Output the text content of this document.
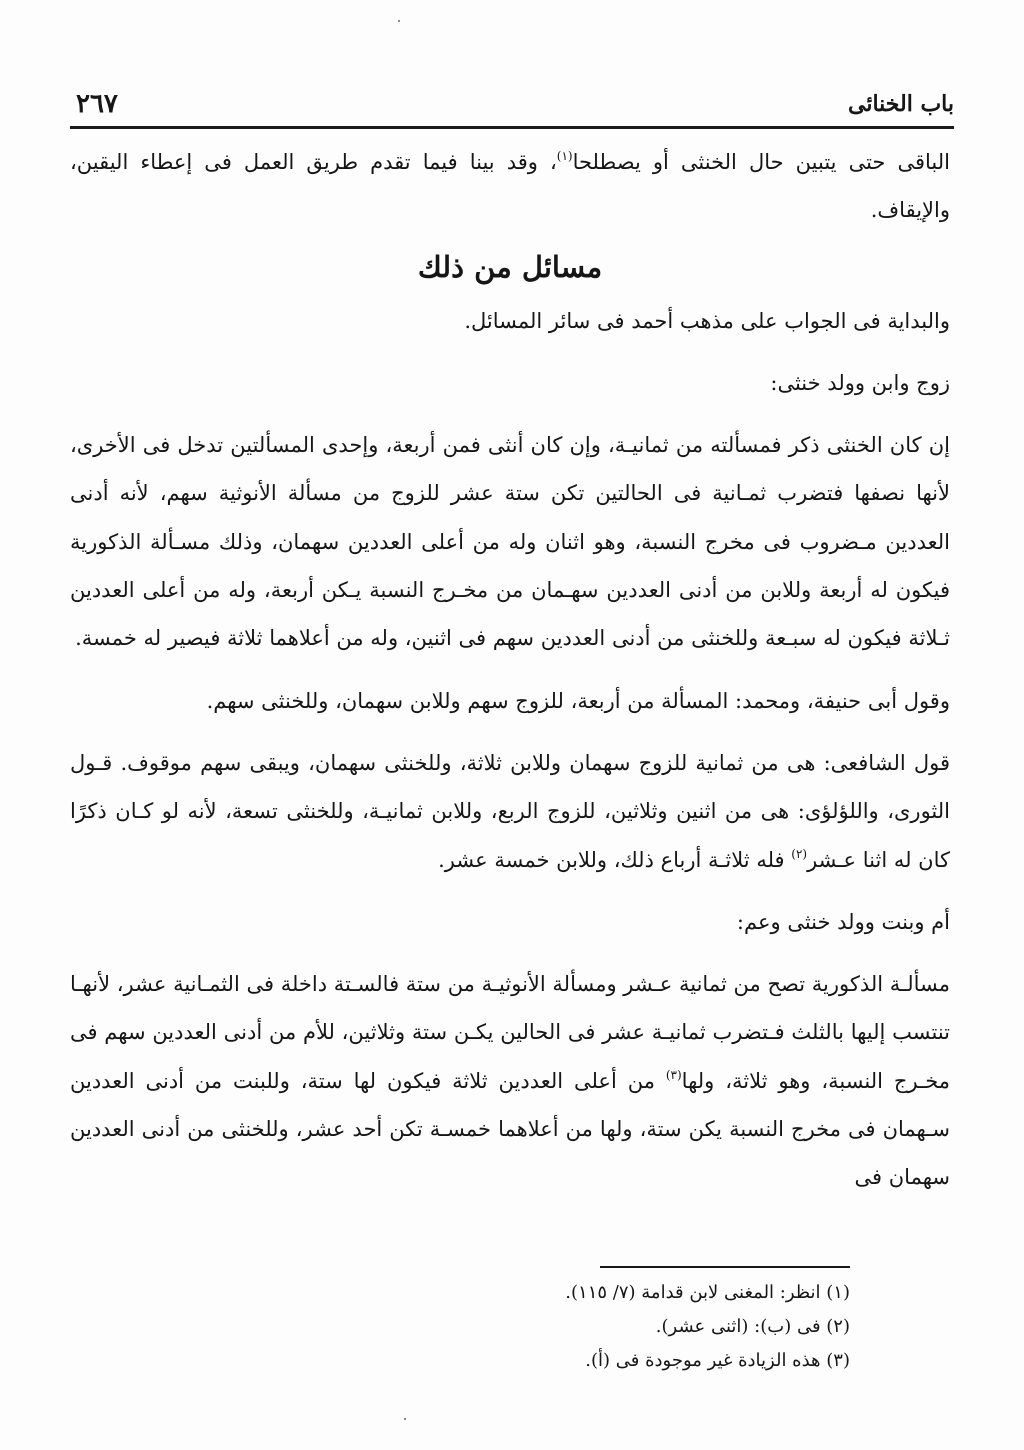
باب الخنائى
٢٦٧

الباقى حتى يتبين حال الخنثى أو يصطلحا$^{(١)}$، وقد بينا فيما تقدم طريق العمل فى إعطاء اليقين، والإيقاف.

مسائل من ذلك

والبداية فى الجواب على مذهب أحمد فى سائر المسائل.

زوج وابن وولد خنثى:

إن كان الخنثى ذكر فمسألته من ثمانيـة، وإن كان أنثى فمن أربعة، وإحدى المسألتين تدخل فى الأخرى، لأنها نصفها فتضرب ثمـانية فى الحالتين تكن ستة عشر للزوج من مسألة الأنوثية سهم، لأنه أدنى العددين مـضروب فى مخرج النسبة، وهو اثنان وله من أعلى العددين سهمان، وذلك مسـألة الذكورية فيكون له أربعة وللابن من أدنى العددين سهـمان من مخـرج النسبة يـكن أربعة، وله من أعلى العددين ثـلاثة فيكون له سبـعة وللخنثى من أدنى العددين سهم فى اثنين، وله من أعلاهما ثلاثة فيصير له خمسة.

وقول أبى حنيفة، ومحمد: المسألة من أربعة، للزوج سهم وللابن سهمان، وللخنثى سهم.

قول الشافعى: هى من ثمانية للزوج سهمان وللابن ثلاثة، وللخنثى سهمان، ويبقى سهم موقوف. قـول الثورى، واللؤلؤى: هى من اثنين وثلاثين، للزوج الربع، وللابن ثمانيـة، وللخنثى تسعة، لأنه لو كـان ذكرًا كان له اثنا عـشر$^{(٢)}$ فله ثلاثـة أرباع ذلك، وللابن خمسة عشر.

أم وبنت وولد خنثى وعم:

مسألـة الذكورية تصح من ثمانية عـشر ومسألة الأنوثيـة من ستة فالسـتة داخلة فى الثمـانية عشر، لأنهـا تنتسب إليها بالثلث فـتضرب ثمانيـة عشر فى الحالين يكـن ستة وثلاثين، للأم من أدنى العددين سهم فى مخـرج النسبة، وهو ثلاثة، ولها$^{(٣)}$ من أعلى العددين ثلاثة فيكون لها ستة، وللبنت من أدنى العددين سـهمان فى مخرج النسبة يكن ستة، ولها من أعلاهما خمسـة تكن أحد عشر، وللخنثى من أدنى العددين سهمان فى

(١) انظر: المغنى لابن قدامة (٧/ ١١٥).
(٢) فى (ب): (اثنى عشر).
(٣) هذه الزيادة غير موجودة فى (أ).
